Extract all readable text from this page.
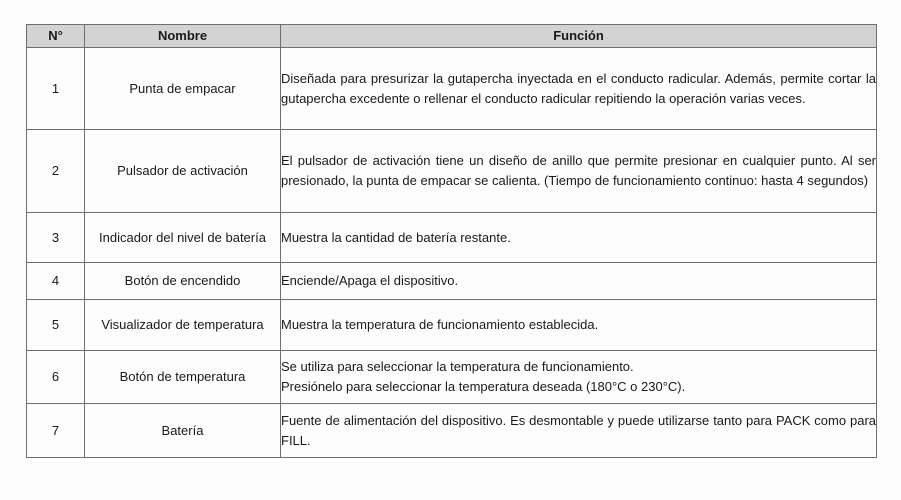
N°	Nombre	Función
1	Punta de empacar	Diseñada para presurizar la gutapercha inyectada en el conducto radicular. Además, permite cortar la gutapercha excedente o rellenar el conducto radicular repitiendo la operación varias veces.
2	Pulsador de activación	El pulsador de activación tiene un diseño de anillo que permite presionar en cualquier punto. Al ser presionado, la punta de empacar se calienta. (Tiempo de funcionamiento continuo: hasta 4 segundos)
3	Indicador del nivel de batería	Muestra la cantidad de batería restante.
4	Botón de encendido	Enciende/Apaga el dispositivo.
5	Visualizador de temperatura	Muestra la temperatura de funcionamiento establecida.
6	Botón de temperatura	Se utiliza para seleccionar la temperatura de funcionamiento.
Presiónelo para seleccionar la temperatura deseada (180°C o 230°C).

7	Batería	Fuente de alimentación del dispositivo. Es desmontable y puede utilizarse tanto para PACK como para FILL.
